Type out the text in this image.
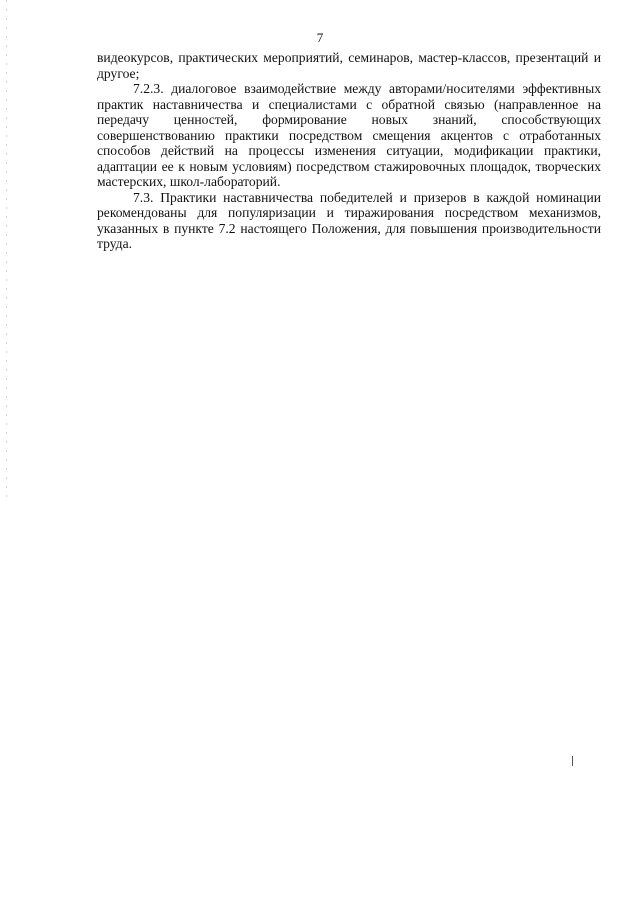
7

видеокурсов, практических мероприятий, семинаров, мастер-классов, презентаций и другое;

7.2.3. диалоговое взаимодействие между авторами/носителями эффективных практик наставничества и специалистами с обратной связью (направленное на передачу ценностей, формирование новых знаний, способствующих совершенствованию практики посредством смещения акцентов с отработанных способов действий на процессы изменения ситуации, модификации практики, адаптации ее к новым условиям) посредством стажировочных площадок, творческих мастерских, школ-лабораторий.

7.3. Практики наставничества победителей и призеров в каждой номинации рекомендованы для популяризации и тиражирования посредством механизмов, указанных в пункте 7.2 настоящего Положения, для повышения производительности труда.
